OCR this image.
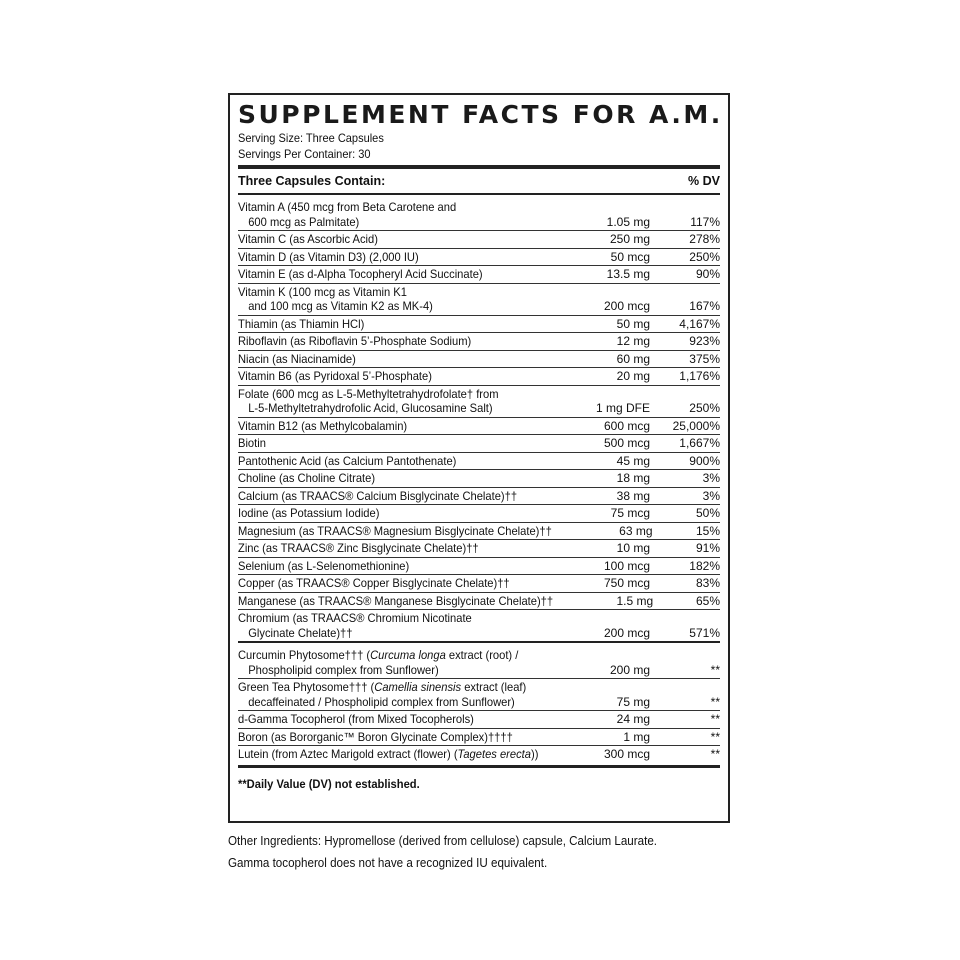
SUPPLEMENT FACTS FOR A.M.
Serving Size: Three Capsules
Servings Per Container: 30
Three Capsules Contain:	% DV
Vitamin A (450 mcg from Beta Carotene and
600 mcg as Palmitate)	1.05 mg	117%
Vitamin C (as Ascorbic Acid)	250 mg	278%
Vitamin D (as Vitamin D3) (2,000 IU)	50 mcg	250%
Vitamin E (as d-Alpha Tocopheryl Acid Succinate)	13.5 mg	90%
Vitamin K (100 mcg as Vitamin K1
and 100 mcg as Vitamin K2 as MK-4)	200 mcg	167%
Thiamin (as Thiamin HCl)	50 mg	4,167%
Riboflavin (as Riboflavin 5’-Phosphate Sodium)	12 mg	923%
Niacin (as Niacinamide)	60 mg	375%
Vitamin B6 (as Pyridoxal 5’-Phosphate)	20 mg	1,176%
Folate (600 mcg as L-5-Methyltetrahydrofolate† from
L-5-Methyltetrahydrofolic Acid, Glucosamine Salt)	1 mg DFE	250%
Vitamin B12 (as Methylcobalamin)	600 mcg	25,000%
Biotin	500 mcg	1,667%
Pantothenic Acid (as Calcium Pantothenate)	45 mg	900%
Choline (as Choline Citrate)	18 mg	3%
Calcium (as TRAACS® Calcium Bisglycinate Chelate)††	38 mg	3%
Iodine (as Potassium Iodide)	75 mcg	50%
Magnesium (as TRAACS® Magnesium Bisglycinate Chelate)††	63 mg	15%
Zinc (as TRAACS® Zinc Bisglycinate Chelate)††	10 mg	91%
Selenium (as L-Selenomethionine)	100 mcg	182%
Copper (as TRAACS® Copper Bisglycinate Chelate)††	750 mcg	83%
Manganese (as TRAACS® Manganese Bisglycinate Chelate)††	1.5 mg	65%
Chromium (as TRAACS® Chromium Nicotinate
Glycinate Chelate)††	200 mcg	571%
Curcumin Phytosome††† (Curcuma longa extract (root) /
Phospholipid complex from Sunflower)	200 mg	**
Green Tea Phytosome††† (Camellia sinensis extract (leaf)
decaffeinated / Phospholipid complex from Sunflower)	75 mg	**
d-Gamma Tocopherol (from Mixed Tocopherols)	24 mg	**
Boron (as Bororganic™ Boron Glycinate Complex)††††	1 mg	**
Lutein (from Aztec Marigold extract (flower) (Tagetes erecta))	300 mcg	**
**Daily Value (DV) not established.
Other Ingredients: Hypromellose (derived from cellulose) capsule, Calcium Laurate.
Gamma tocopherol does not have a recognized IU equivalent.
